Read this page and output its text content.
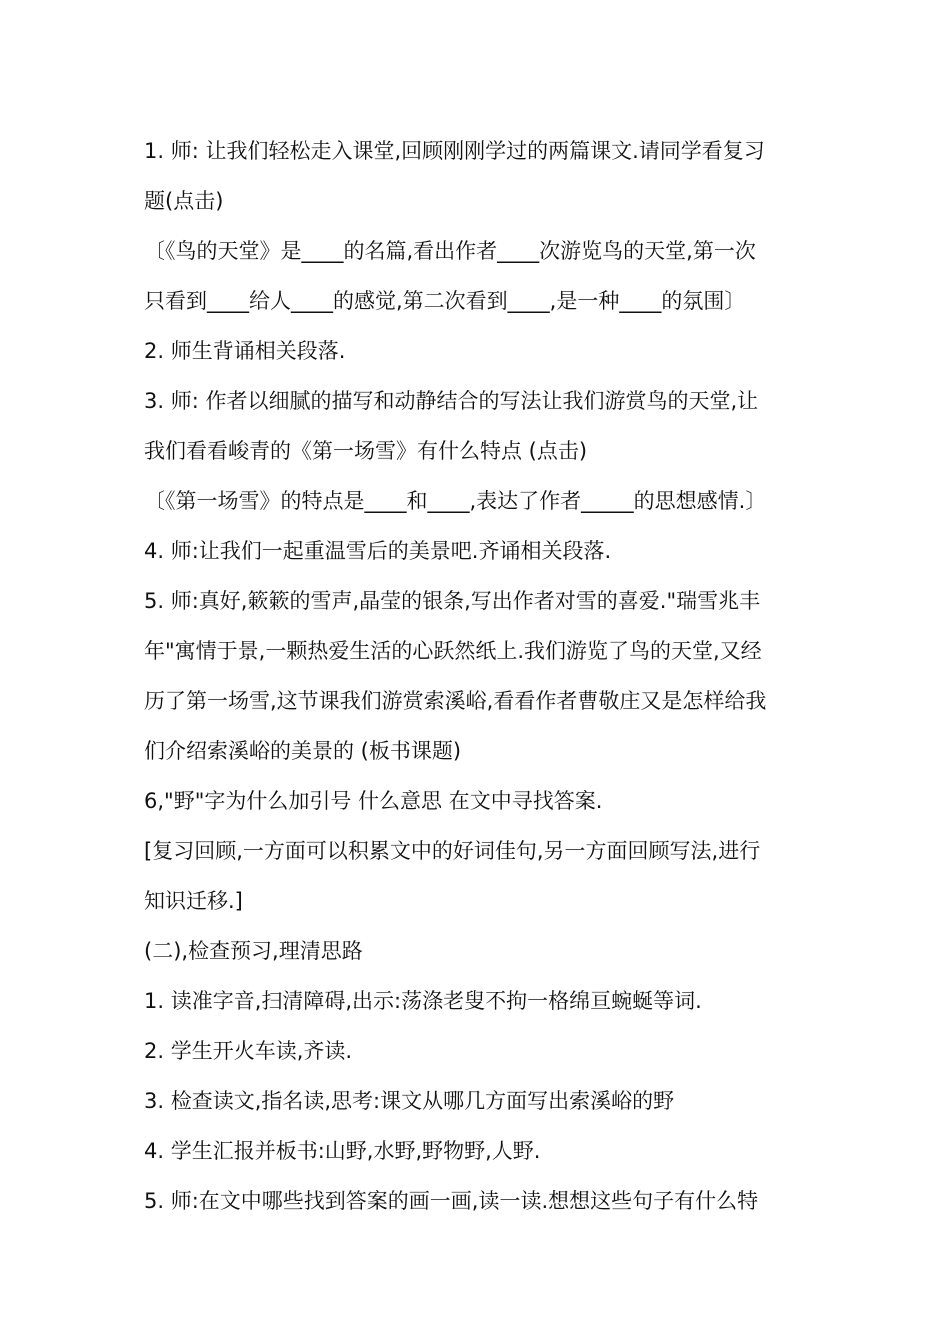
1. 师: 让我们轻松走入课堂,回顾刚刚学过的两篇课文.请同学看复习
题(点击)
〔《鸟的天堂》是____的名篇,看出作者____次游览鸟的天堂,第一次
只看到____给人____的感觉,第二次看到____,是一种____的氛围〕
2. 师生背诵相关段落.
3. 师: 作者以细腻的描写和动静结合的写法让我们游赏鸟的天堂,让
我们看看峻青的《第一场雪》有什么特点 (点击)
〔《第一场雪》的特点是____和____,表达了作者_____的思想感情.〕
4. 师:让我们一起重温雪后的美景吧.齐诵相关段落.
5. 师:真好,簌簌的雪声,晶莹的银条,写出作者对雪的喜爱."瑞雪兆丰
年"寓情于景,一颗热爱生活的心跃然纸上.我们游览了鸟的天堂,又经
历了第一场雪,这节课我们游赏索溪峪,看看作者曹敬庄又是怎样给我
们介绍索溪峪的美景的 (板书课题)
6,"野"字为什么加引号 什么意思 在文中寻找答案.
[复习回顾,一方面可以积累文中的好词佳句,另一方面回顾写法,进行
知识迁移.]
(二),检查预习,理清思路
1. 读准字音,扫清障碍,出示:荡涤老叟不拘一格绵亘蜿蜒等词.
2. 学生开火车读,齐读.
3. 检查读文,指名读,思考:课文从哪几方面写出索溪峪的野
4. 学生汇报并板书:山野,水野,野物野,人野.
5. 师:在文中哪些找到答案的画一画,读一读.想想这些句子有什么特
